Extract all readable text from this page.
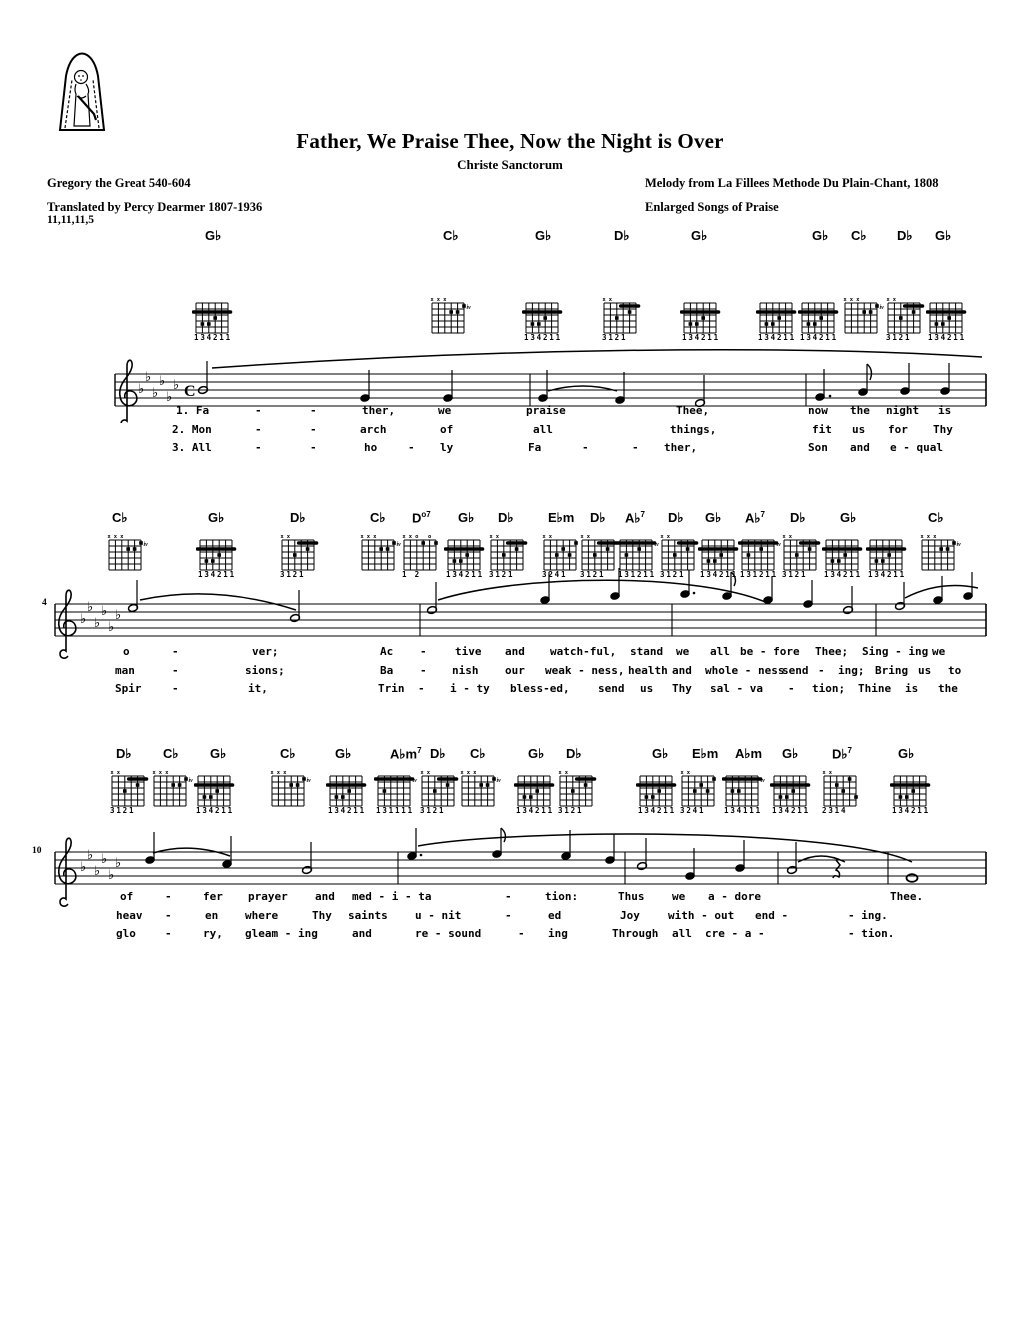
Father, We Praise Thee, Now the Night is Over
Christe Sanctorum
Gregory the Great 540-604
Translated by Percy Dearmer 1807-1936
11,11,11,5
Melody from La Fillees Methode Du Plain-Chant, 1808
Enlarged Songs of Praise
G♭	C♭	G♭	D♭	G♭	G♭ C♭ D♭ G♭
134211
x x x
iv
134211
x x
3121	134211	134211 134211
x x x
iv
x x
3121	134211
♭
♭
♭
♭
♭
♭ C
1. Fa	-	-	ther,	we	praise	Thee,	now the night is
2. Mon	-	-	arch	of	all	things,	fit us for Thy
3. All	-	-	ho	- ly	Fa	-	- ther,	Son and e - qual
C♭	G♭	D♭	C♭ $D^{o7}$ G♭ D♭	E♭m D♭ A♭$^7$ D♭ G♭ A♭$^7$ D♭	G♭	C♭
x x x
iv
134211
x x
3121
x x x
iv
x x o o
1 2	134211
x x
3121
x x
3241
x x
3121
iv
131211
x x
3121	134211
iv
131211
x x
3121	134211 134211
x x x
iv
4
♭
♭
♭
♭
♭
♭
o	-	ver;	Ac -	tive and watch-ful, stand we all be - fore Thee; Sing - ing we
man	-	sions;	Ba - nish our weak - ness, health and whole - ness
send - ing; Bring us to
Spir	-	it,	Trin - i - ty bless-ed,	send us Thy sal - va - tion; Thine is the
D♭ C♭ G♭	C♭	G♭	$A♭m^7$ D♭ C♭	G♭ D♭	G♭ E♭m A♭m G♭	D♭$^7$	G♭
x x
3121
x x x
iv
134211
x x x
iv
134211
iv
131111
x x
3121
x x x
iv
134211
x x
3121	134211
x x
3241
iv
134111	134211
x x
2314	134211
10
♭
♭
♭
♭
♭
♭
of	-	fer prayer and med - i - ta	-	tion:	Thus	we a - dore	Thee.
heav -	en where	Thy saints u - nit	-	ed	Joy	with - out end -	- ing.
glo	-	ry, gleam - ing	and	re - sound	- ing	Through all cre - a -	- tion.
